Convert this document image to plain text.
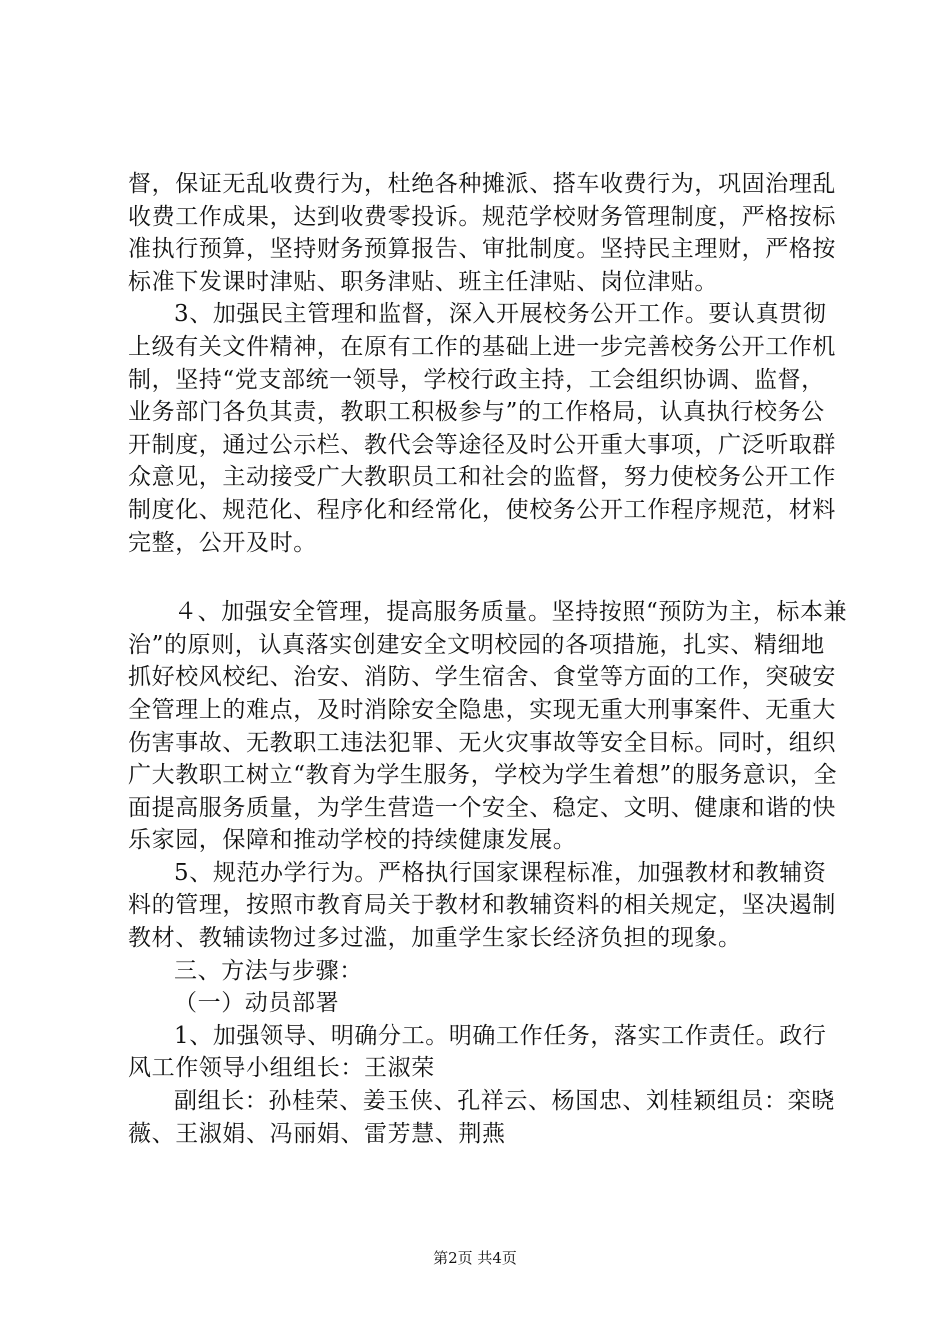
督，保证无乱收费行为，杜绝各种摊派、搭车收费行为，巩固治理乱收费工作成果，达到收费零投诉。规范学校财务管理制度，严格按标准执行预算，坚持财务预算报告、审批制度。坚持民主理财，严格按标准下发课时津贴、职务津贴、班主任津贴、岗位津贴。

3、加强民主管理和监督，深入开展校务公开工作。要认真贯彻上级有关文件精神，在原有工作的基础上进一步完善校务公开工作机制，坚持“党支部统一领导，学校行政主持，工会组织协调、监督，业务部门各负其责，教职工积极参与”的工作格局，认真执行校务公开制度，通过公示栏、教代会等途径及时公开重大事项，广泛听取群众意见，主动接受广大教职员工和社会的监督，努力使校务公开工作制度化、规范化、程序化和经常化，使校务公开工作程序规范，材料完整，公开及时。

４、加强安全管理，提高服务质量。坚持按照“预防为主，标本兼治”的原则，认真落实创建安全文明校园的各项措施，扎实、精细地抓好校风校纪、治安、消防、学生宿舍、食堂等方面的工作，突破安全管理上的难点，及时消除安全隐患，实现无重大刑事案件、无重大伤害事故、无教职工违法犯罪、无火灾事故等安全目标。同时，组织广大教职工树立“教育为学生服务，学校为学生着想”的服务意识，全面提高服务质量，为学生营造一个安全、稳定、文明、健康和谐的快乐家园，保障和推动学校的持续健康发展。

5、规范办学行为。严格执行国家课程标准，加强教材和教辅资料的管理，按照市教育局关于教材和教辅资料的相关规定，坚决遏制教材、教辅读物过多过滥，加重学生家长经济负担的现象。

三、方法与步骤：

（一）动员部署

1、加强领导、明确分工。明确工作任务，落实工作责任。政行风工作领导小组组长：王淑荣

副组长：孙桂荣、姜玉侠、孔祥云、杨国忠、刘桂颖组员：栾晓薇、王淑娟、冯丽娟、雷芳慧、荆燕

第2页 共4页
